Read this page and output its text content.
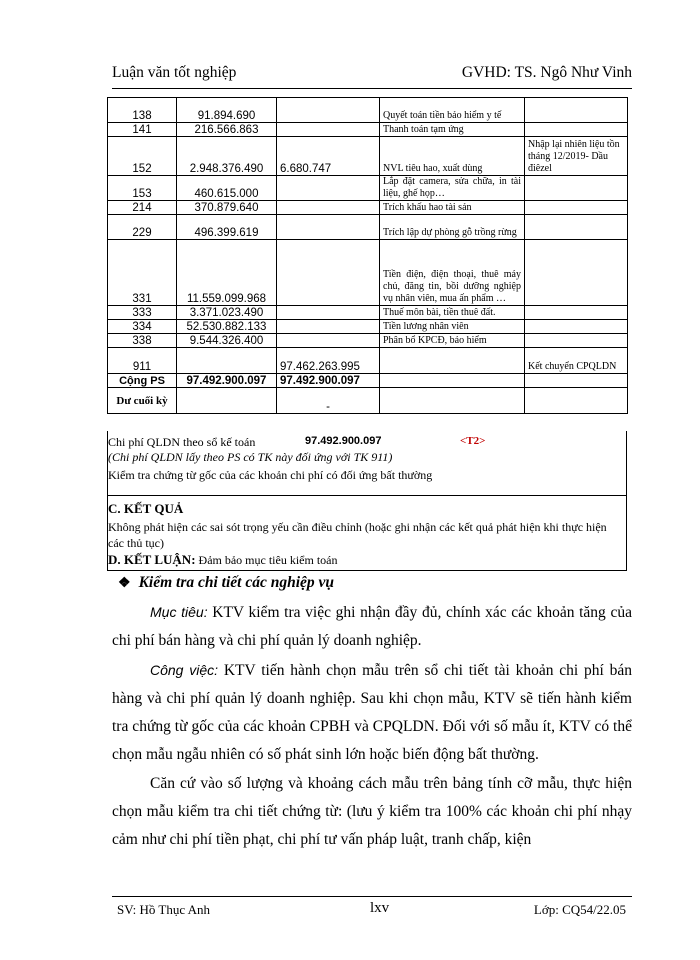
Luận văn tốt nghiệp	GVHD: TS. Ngô Như Vinh
138	91.894.690		Quyết toán tiền bảo hiểm y tế	
141	216.566.863		Thanh toán tạm ứng	
152	2.948.376.490	6.680.747	NVL tiêu hao, xuất dùng	Nhập lại nhiên liệu tồn tháng 12/2019- Dầu điêzel
153	460.615.000		Lắp đặt camera, sửa chữa, in tài liệu, ghế họp…	
214	370.879.640		Trích khấu hao tài sản	
229	496.399.619		Trích lập dự phòng gỗ trồng rừng	
331	11.559.099.968		Tiền điện, điện thoại, thuê máy chủ, đăng tin, bồi dưỡng nghiệp vụ nhân viên, mua ấn phẩm …	
333	3.371.023.490		Thuế môn bài, tiền thuê đất.	
334	52.530.882.133		Tiền lương nhân viên	
338	9.544.326.400		Phân bổ KPCĐ, bảo hiểm	
911		97.462.263.995		Kết chuyển CPQLDN
Cộng PS	97.492.900.097	97.492.900.097		
Dư cuối kỳ		-		
Chi phí QLDN theo sổ kế toán	97.492.900.097	<T2>
(Chi phí QLDN lấy theo PS có TK này đối ứng với TK 911)
Kiểm tra chứng từ gốc của các khoản chi phí có đối ứng bất thường
C. KẾT QUẢ
Không phát hiện các sai sót trọng yếu cần điều chỉnh (hoặc ghi nhận các kết quả phát hiện khi thực hiện các thủ tục)
D. KẾT LUẬN: Đảm bảo mục tiêu kiểm toán
❖ Kiểm tra chi tiết các nghiệp vụ

Mục tiêu: KTV kiểm tra việc ghi nhận đầy đủ, chính xác các khoản tăng của chi phí bán hàng và chi phí quản lý doanh nghiệp.

Công việc: KTV tiến hành chọn mẫu trên sổ chi tiết tài khoản chi phí bán hàng và chi phí quản lý doanh nghiệp. Sau khi chọn mẫu, KTV sẽ tiến hành kiểm tra chứng từ gốc của các khoản CPBH và CPQLDN. Đối với số mẫu ít, KTV có thể chọn mẫu ngẫu nhiên có số phát sinh lớn hoặc biến động bất thường.

Căn cứ vào số lượng và khoảng cách mẫu trên bảng tính cỡ mẫu, thực hiện chọn mẫu kiểm tra chi tiết chứng từ: (lưu ý kiểm tra 100% các khoản chi phí nhạy cảm như chi phí tiền phạt, chi phí tư vấn pháp luật, tranh chấp, kiện

SV: Hồ Thục Anh	lxv	Lớp: CQ54/22.05
